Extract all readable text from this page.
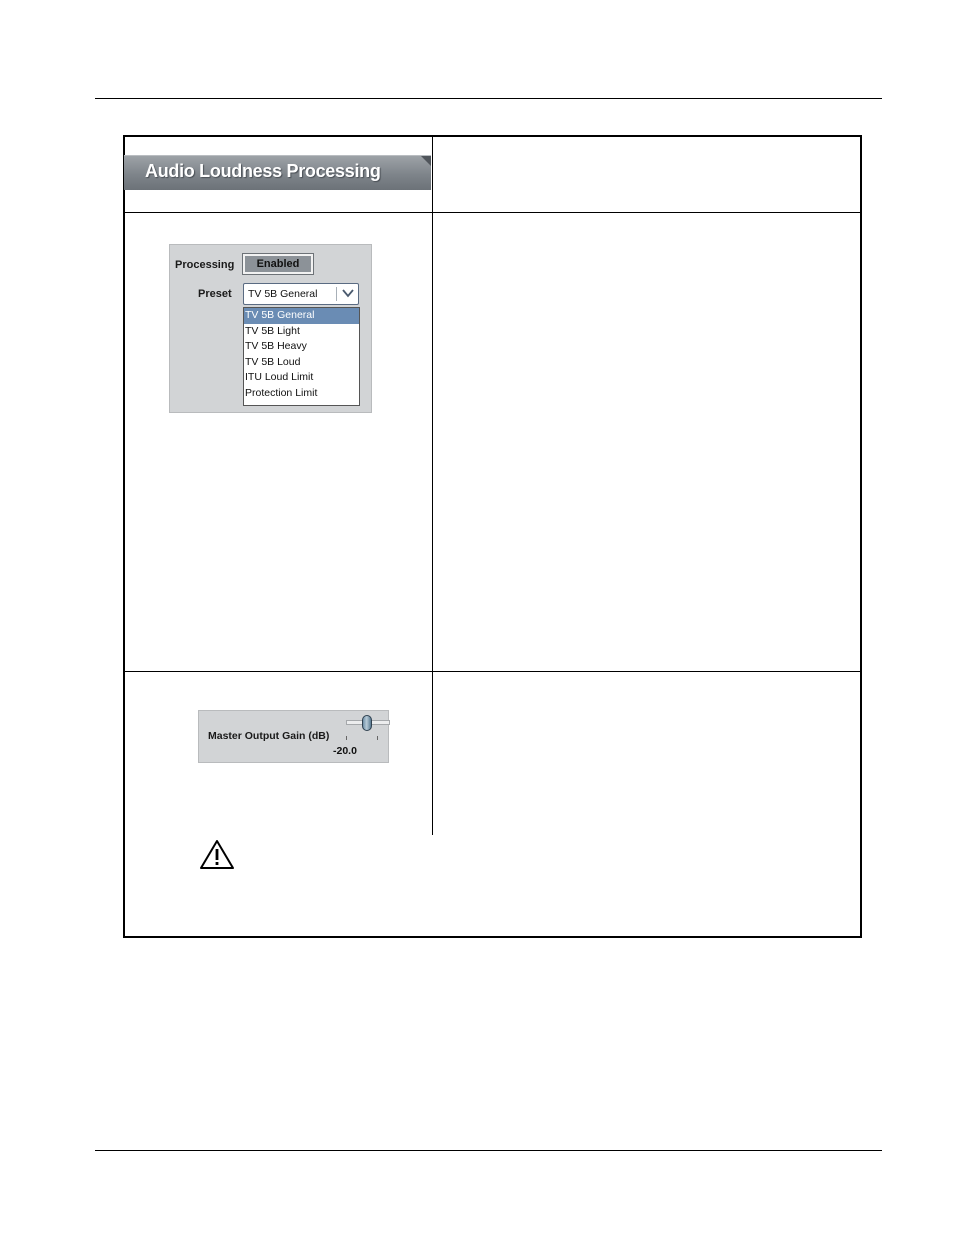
Audio Loudness Processing
Processing	Enabled
Preset TV 5B General
TV 5B General
TV 5B Light
TV 5B Heavy
TV 5B Loud
ITU Loud Limit
Protection Limit
Master Output Gain (dB)
-20.0
